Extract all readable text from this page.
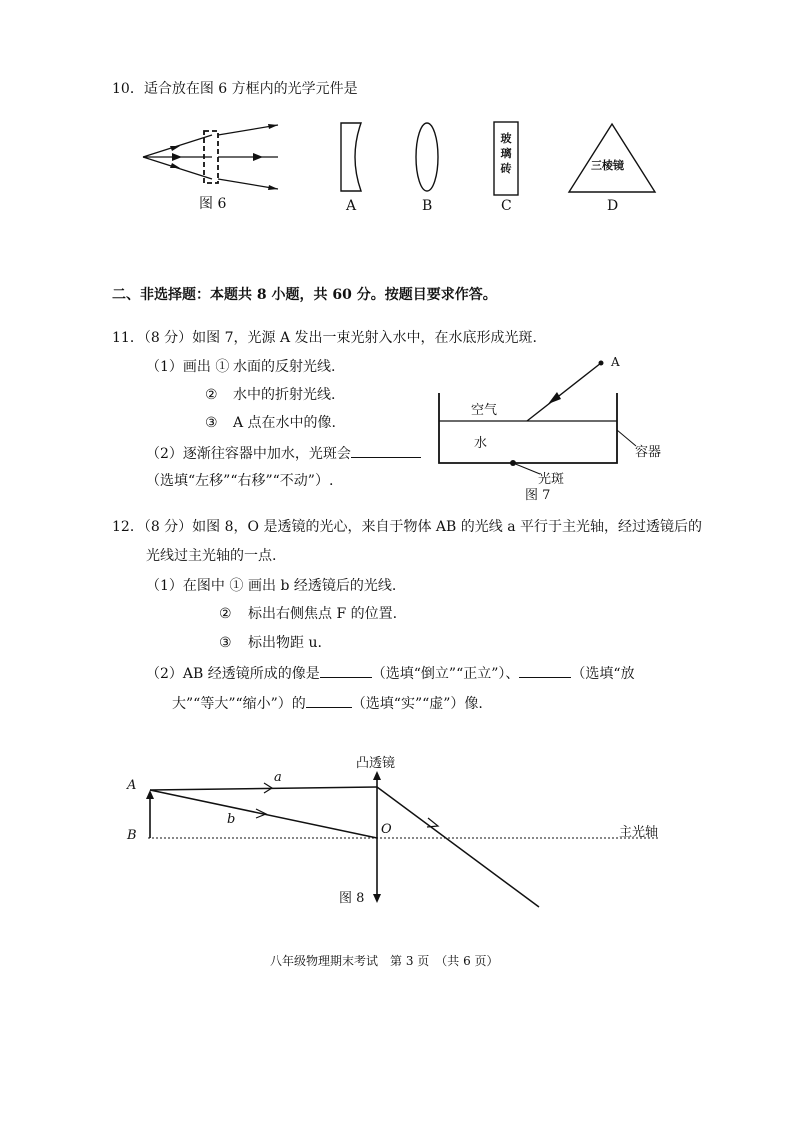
10．适合放在图 6 方框内的光学元件是
图 6	A	B	C	D
玻
璃
砖	三棱镜
二、非选择题：本题共 8 小题，共 60 分。按题目要求作答。
11．（8 分）如图 7，光源 A 发出一束光射入水中，在水底形成光斑.
（1）画出 ① 水面的反射光线.
② 水中的折射光线.
③ A 点在水中的像.
（2）逐渐往容器中加水，光斑会
（选填“左移”“右移”“不动”）.
A
空气
水
容器
光斑
图 7
12．（8 分）如图 8，O 是透镜的光心，来自于物体 AB 的光线 a 平行于主光轴，经过透镜后的
光线过主光轴的一点.
（1）在图中 ① 画出 b 经透镜后的光线.
② 标出右侧焦点 F 的位置.
③ 标出物距 u.
（2）AB 经透镜所成的像是	（选填“倒立”“正立”）、	（选填“放
大”“等大”“缩小”）的	（选填“实”“虚”）像.
凸透镜
主光轴
A
B
a
b
O
图 8
八年级物理期末考试　第 3 页　（共 6 页）
